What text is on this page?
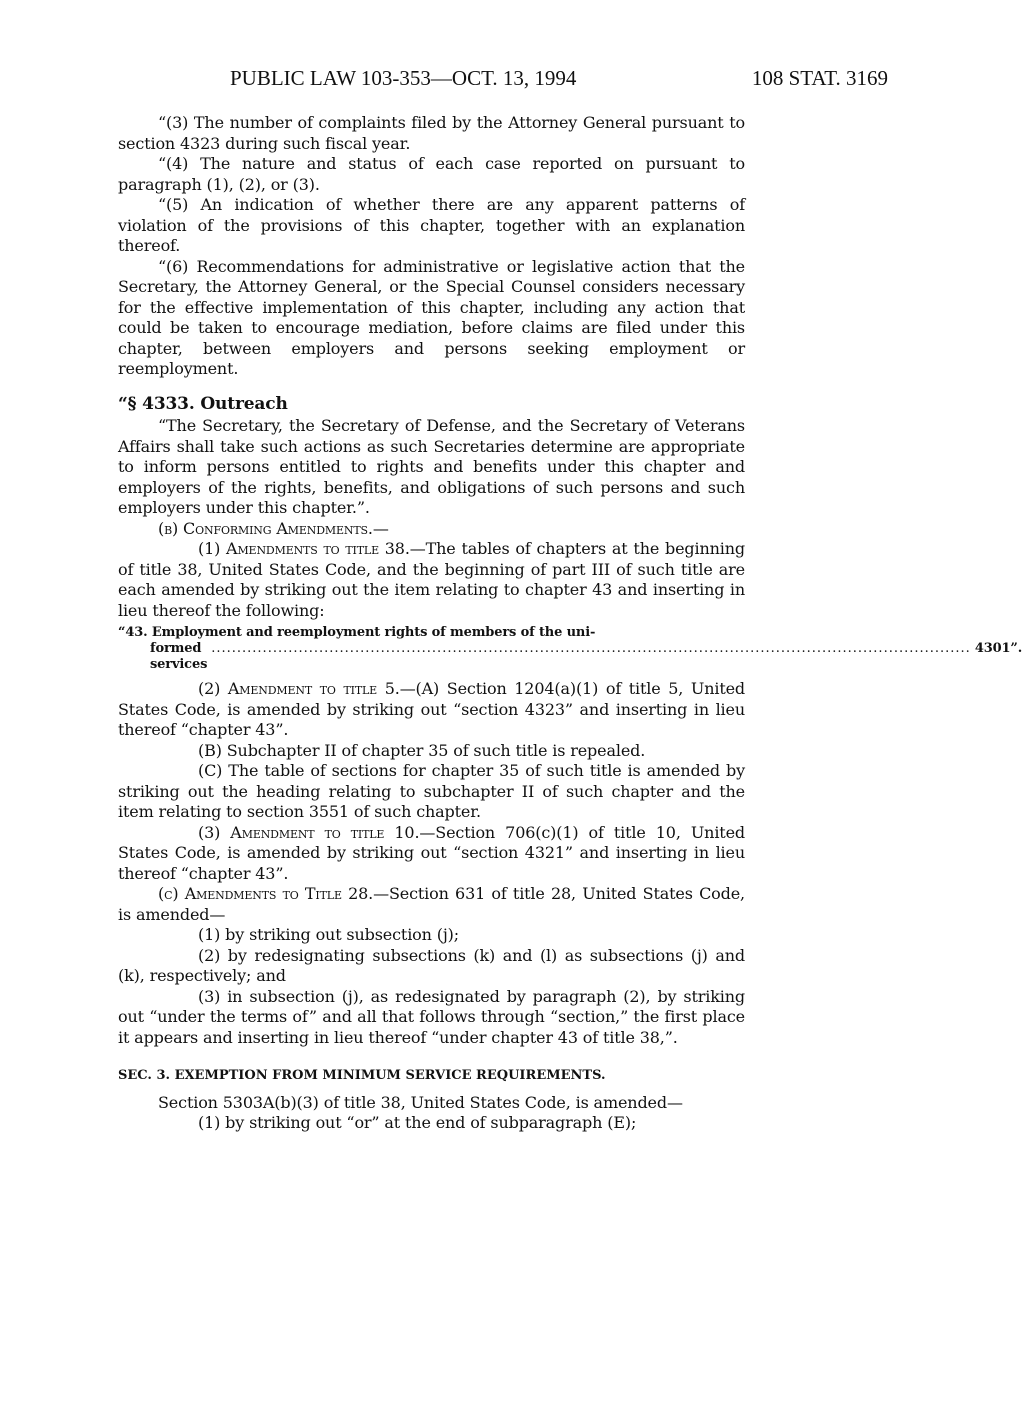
PUBLIC LAW 103-353—OCT. 13, 1994	108 STAT. 3169

“(3) The number of complaints filed by the Attorney General pursuant to section 4323 during such fiscal year.

“(4) The nature and status of each case reported on pursuant to paragraph (1), (2), or (3).

“(5) An indication of whether there are any apparent patterns of violation of the provisions of this chapter, together with an explanation thereof.

“(6) Recommendations for administrative or legislative action that the Secretary, the Attorney General, or the Special Counsel considers necessary for the effective implementation of this chapter, including any action that could be taken to encourage mediation, before claims are filed under this chapter, between employers and persons seeking employment or reemployment.

“§ 4333. Outreach

“The Secretary, the Secretary of Defense, and the Secretary of Veterans Affairs shall take such actions as such Secretaries determine are appropriate to inform persons entitled to rights and benefits under this chapter and employers of the rights, benefits, and obligations of such persons and such employers under this chapter.”.

(b) Conforming Amendments.—

(1) Amendments to title 38.—The tables of chapters at the beginning of title 38, United States Code, and the beginning of part III of such title are each amended by striking out the item relating to chapter 43 and inserting in lieu thereof the following:

“43. Employment and reemployment rights of members of the uni-
formed services
.................................................................................................................................................... 4301”.

(2) Amendment to title 5.—(A) Section 1204(a)(1) of title 5, United States Code, is amended by striking out “section 4323” and inserting in lieu thereof “chapter 43”.

(B) Subchapter II of chapter 35 of such title is repealed.

(C) The table of sections for chapter 35 of such title is amended by striking out the heading relating to subchapter II of such chapter and the item relating to section 3551 of such chapter.

(3) Amendment to title 10.—Section 706(c)(1) of title 10, United States Code, is amended by striking out “section 4321” and inserting in lieu thereof “chapter 43”.

(c) Amendments to Title 28.—Section 631 of title 28, United States Code, is amended—

(1) by striking out subsection (j);

(2) by redesignating subsections (k) and (l) as subsections (j) and (k), respectively; and

(3) in subsection (j), as redesignated by paragraph (2), by striking out “under the terms of” and all that follows through “section,” the first place it appears and inserting in lieu thereof “under chapter 43 of title 38,”.

SEC. 3. EXEMPTION FROM MINIMUM SERVICE REQUIREMENTS.

Section 5303A(b)(3) of title 38, United States Code, is amended—

(1) by striking out “or” at the end of subparagraph (E);
